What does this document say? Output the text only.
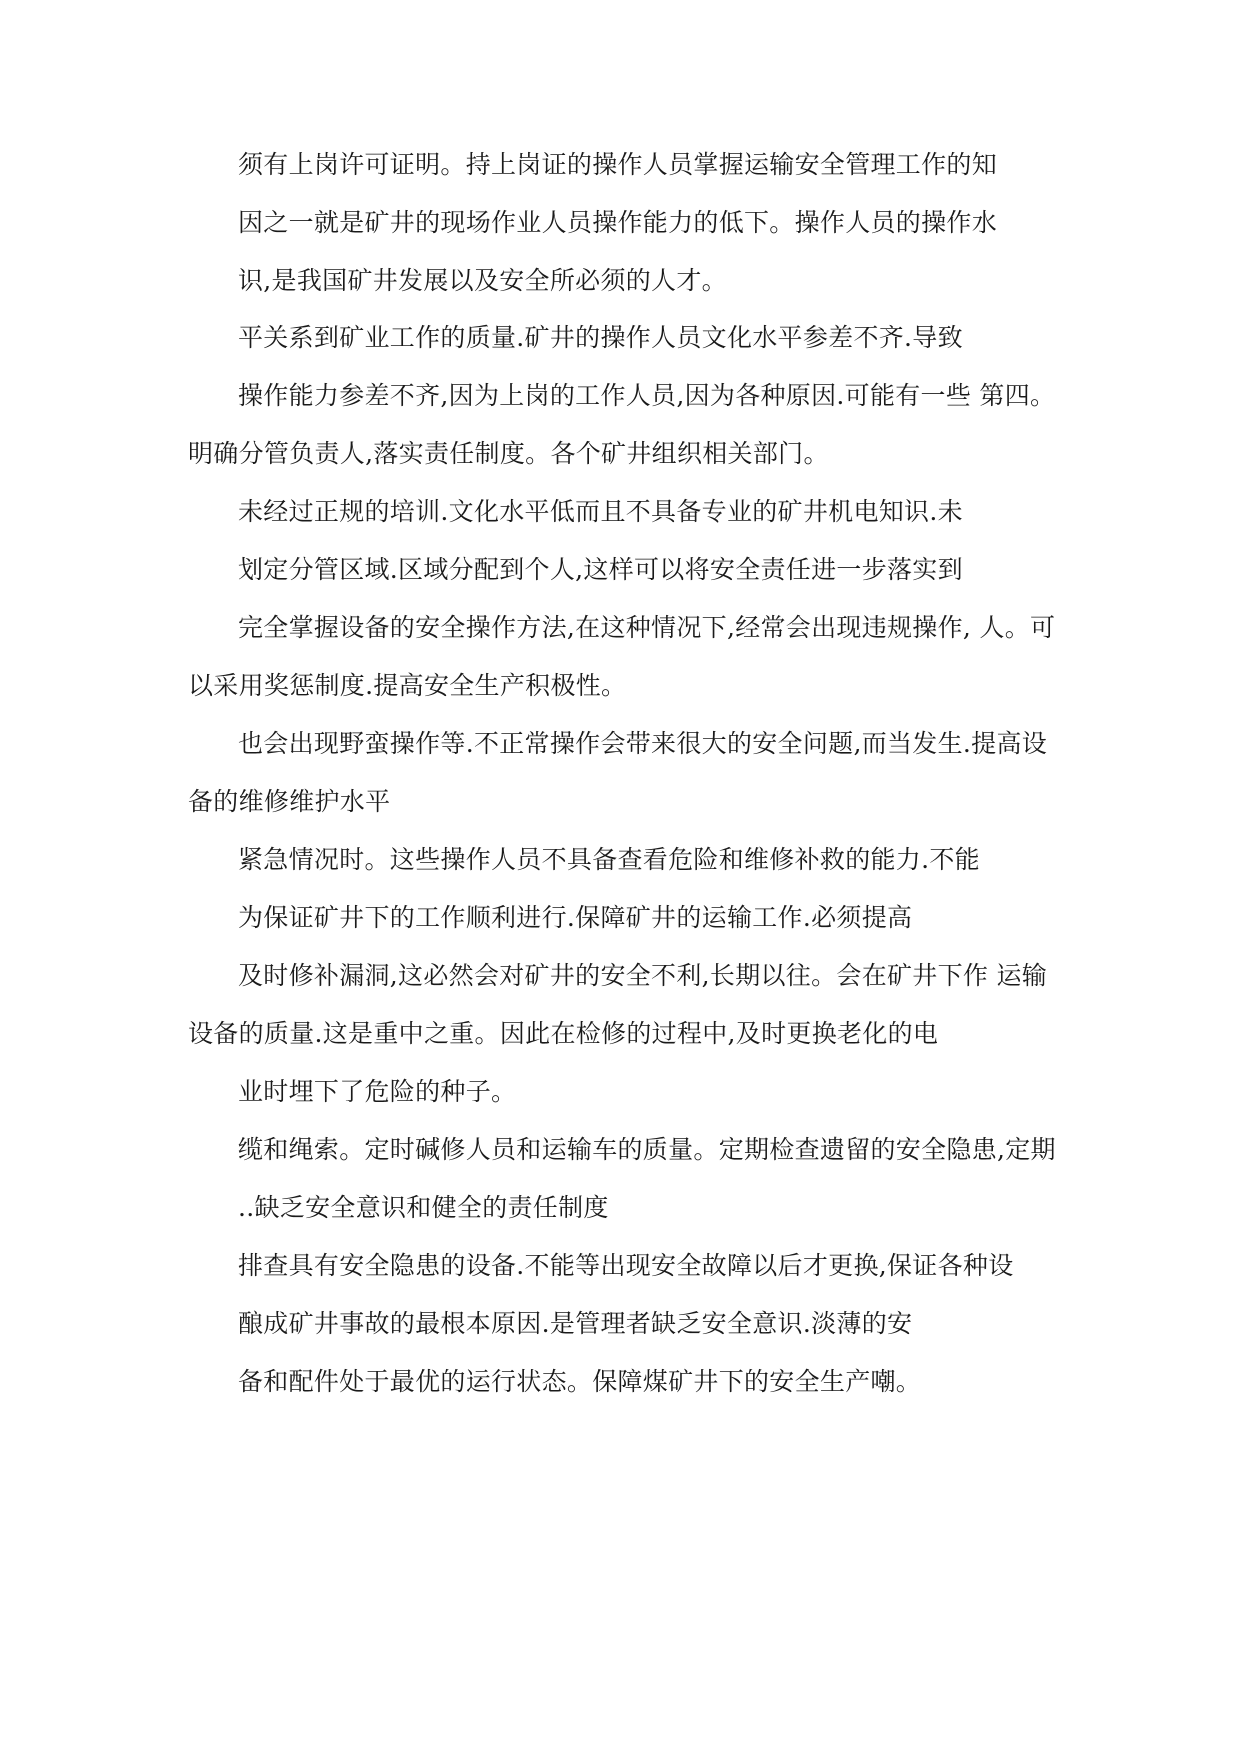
须有上岗许可证明。持上岗证的操作人员掌握运输安全管理工作的知
因之一就是矿井的现场作业人员操作能力的低下。操作人员的操作水
识,是我国矿井发展以及安全所必须的人才。
平关系到矿业工作的质量.矿井的操作人员文化水平参差不齐.导致
操作能力参差不齐,因为上岗的工作人员,因为各种原因.可能有一些 第四。
明确分管负责人,落实责任制度。各个矿井组织相关部门。
未经过正规的培训.文化水平低而且不具备专业的矿井机电知识.未
划定分管区域.区域分配到个人,这样可以将安全责任进一步落实到
完全掌握设备的安全操作方法,在这种情况下,经常会出现违规操作, 人。可
以采用奖惩制度.提高安全生产积极性。
也会出现野蛮操作等.不正常操作会带来很大的安全问题,而当发生.提高设
备的维修维护水平
紧急情况时。这些操作人员不具备查看危险和维修补救的能力.不能
为保证矿井下的工作顺利进行.保障矿井的运输工作.必须提高
及时修补漏洞,这必然会对矿井的安全不利,长期以往。会在矿井下作 运输
设备的质量.这是重中之重。因此在检修的过程中,及时更换老化的电
业时埋下了危险的种子。
缆和绳索。定时碱修人员和运输车的质量。定期检查遗留的安全隐患,定期
..缺乏安全意识和健全的责任制度
排查具有安全隐患的设备.不能等出现安全故障以后才更换,保证各种设
酿成矿井事故的最根本原因.是管理者缺乏安全意识.淡薄的安
备和配件处于最优的运行状态。保障煤矿井下的安全生产嘲。
